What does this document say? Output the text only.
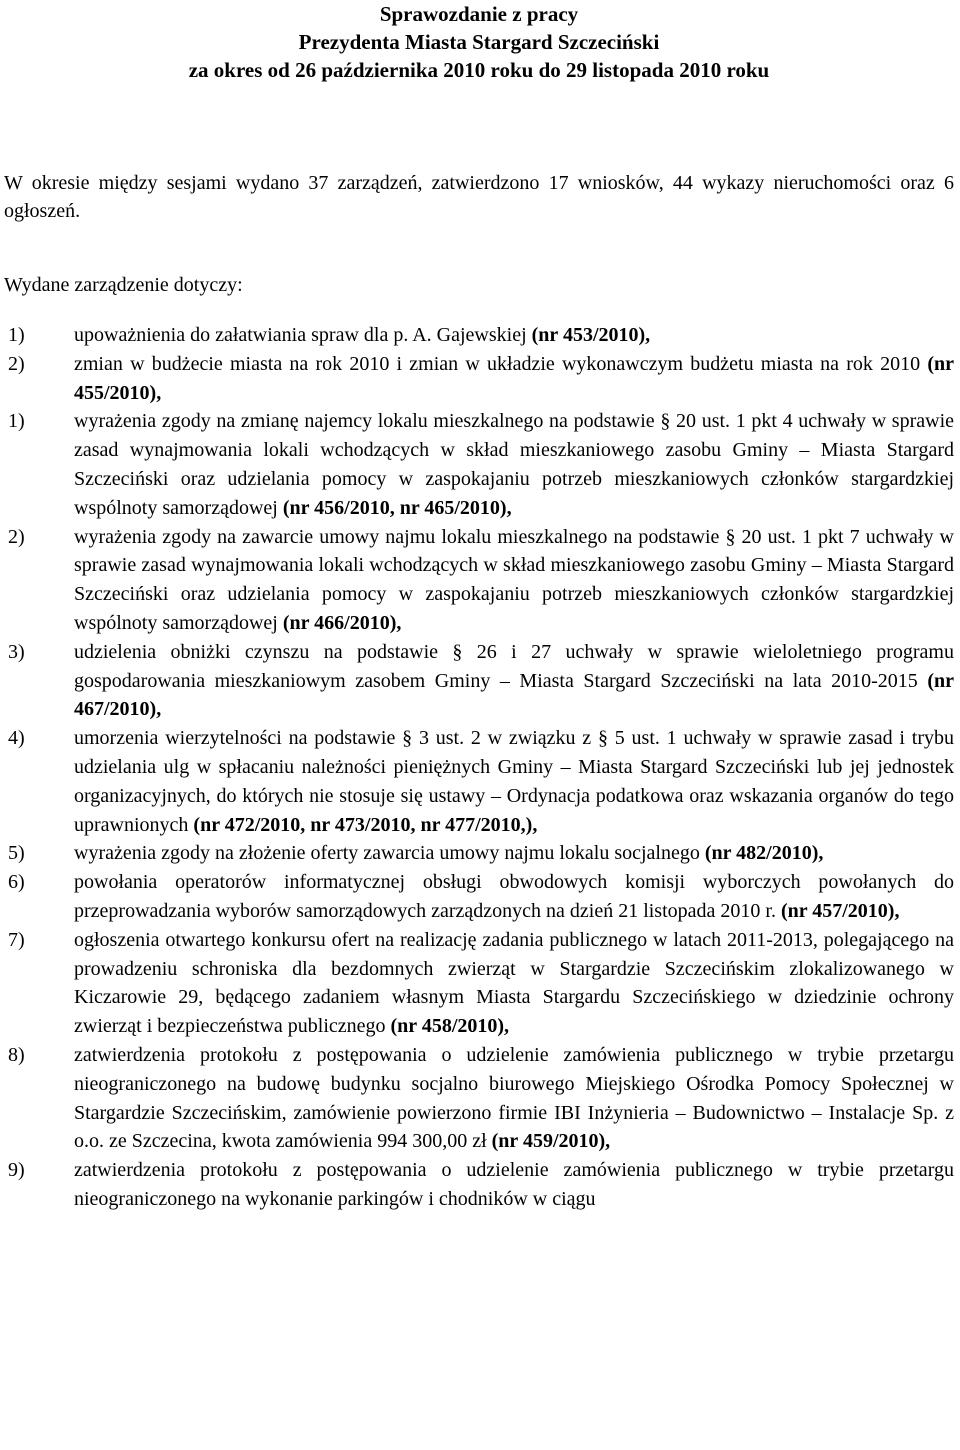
Sprawozdanie z pracy
Prezydenta Miasta Stargard Szczeciński
za okres od 26 października 2010 roku do 29 listopada 2010 roku

W okresie między sesjami wydano 37 zarządzeń, zatwierdzono 17 wniosków, 44 wykazy nieruchomości oraz 6 ogłoszeń.

Wydane zarządzenie dotyczy:
1) upoważnienia do załatwiania spraw dla p. A. Gajewskiej (nr 453/2010),
2) zmian w budżecie miasta na rok 2010 i zmian w układzie wykonawczym budżetu miasta na rok 2010 (nr 455/2010),
1) wyrażenia zgody na zmianę najemcy lokalu mieszkalnego na podstawie § 20 ust. 1 pkt 4 uchwały w sprawie zasad wynajmowania lokali wchodzących w skład mieszkaniowego zasobu Gminy – Miasta Stargard Szczeciński oraz udzielania pomocy w zaspokajaniu potrzeb mieszkaniowych członków stargardzkiej wspólnoty samorządowej (nr 456/2010, nr 465/2010),
2) wyrażenia zgody na zawarcie umowy najmu lokalu mieszkalnego na podstawie § 20 ust. 1 pkt 7 uchwały w sprawie zasad wynajmowania lokali wchodzących w skład mieszkaniowego zasobu Gminy – Miasta Stargard Szczeciński oraz udzielania pomocy w zaspokajaniu potrzeb mieszkaniowych członków stargardzkiej wspólnoty samorządowej (nr 466/2010),
3) udzielenia obniżki czynszu na podstawie § 26 i 27 uchwały w sprawie wieloletniego programu gospodarowania mieszkaniowym zasobem Gminy – Miasta Stargard Szczeciński na lata 2010-2015 (nr 467/2010),
4) umorzenia wierzytelności na podstawie § 3 ust. 2 w związku z § 5 ust. 1 uchwały w sprawie zasad i trybu udzielania ulg w spłacaniu należności pieniężnych Gminy – Miasta Stargard Szczeciński lub jej jednostek organizacyjnych, do których nie stosuje się ustawy – Ordynacja podatkowa oraz wskazania organów do tego uprawnionych (nr 472/2010, nr 473/2010, nr 477/2010,),
5) wyrażenia zgody na złożenie oferty zawarcia umowy najmu lokalu socjalnego (nr 482/2010),
6) powołania operatorów informatycznej obsługi obwodowych komisji wyborczych powołanych do przeprowadzania wyborów samorządowych zarządzonych na dzień 21 listopada 2010 r. (nr 457/2010),
7) ogłoszenia otwartego konkursu ofert na realizację zadania publicznego w latach 2011-2013, polegającego na prowadzeniu schroniska dla bezdomnych zwierząt w Stargardzie Szczecińskim zlokalizowanego w Kiczarowie 29, będącego zadaniem własnym Miasta Stargardu Szczecińskiego w dziedzinie ochrony zwierząt i bezpieczeństwa publicznego (nr 458/2010),
8) zatwierdzenia protokołu z postępowania o udzielenie zamówienia publicznego w trybie przetargu nieograniczonego na budowę budynku socjalno biurowego Miejskiego Ośrodka Pomocy Społecznej w Stargardzie Szczecińskim, zamówienie powierzono firmie IBI Inżynieria – Budownictwo – Instalacje Sp. z o.o. ze Szczecina, kwota zamówienia 994 300,00 zł (nr 459/2010),
9) zatwierdzenia protokołu z postępowania o udzielenie zamówienia publicznego w trybie przetargu nieograniczonego na wykonanie parkingów i chodników w ciągu
